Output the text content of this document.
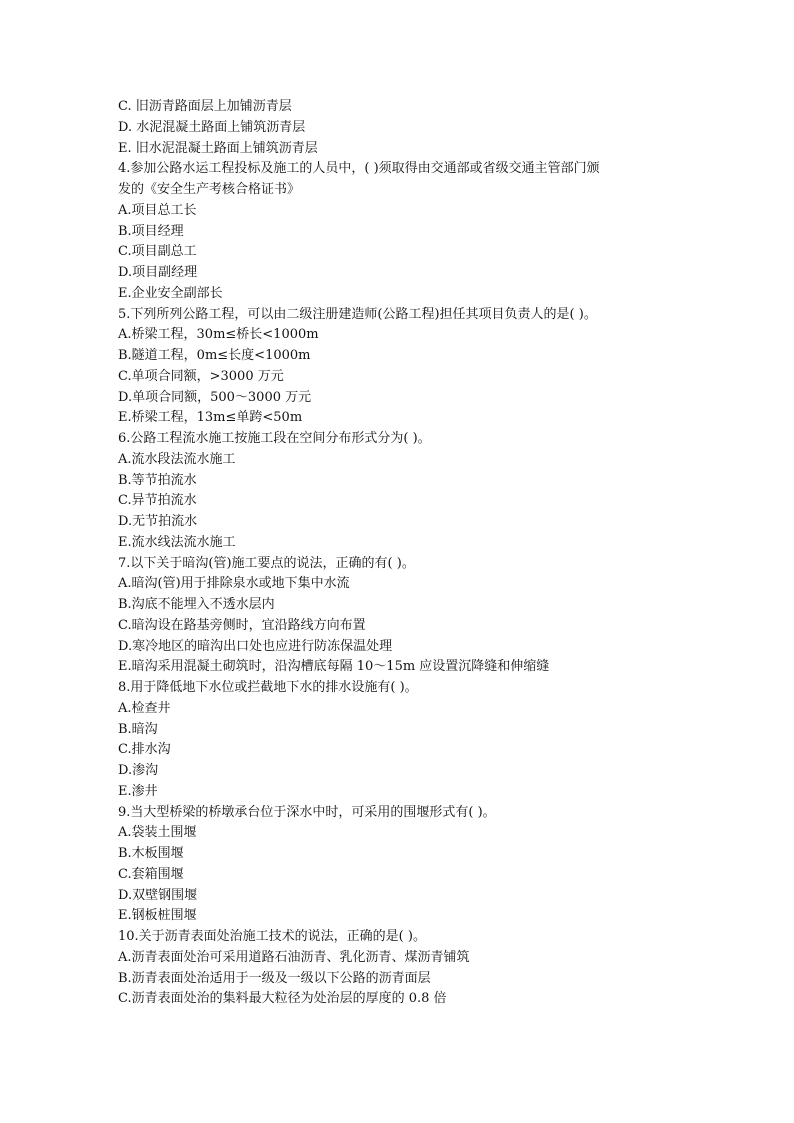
C. 旧沥青路面层上加铺沥青层
D. 水泥混凝土路面上铺筑沥青层
E. 旧水泥混凝土路面上铺筑沥青层
4.参加公路水运工程投标及施工的人员中，( )须取得由交通部或省级交通主管部门颁
发的《安全生产考核合格证书》
A.项目总工长
B.项目经理
C.项目副总工
D.项目副经理
E.企业安全副部长
5.下列所列公路工程，可以由二级注册建造师(公路工程)担任其项目负责人的是( )。
A.桥梁工程，30m≤桥长<1000m
B.隧道工程，0m≤长度<1000m
C.单项合同额，>3000 万元
D.单项合同额，500～3000 万元
E.桥梁工程，13m≤单跨<50m
6.公路工程流水施工按施工段在空间分布形式分为( )。
A.流水段法流水施工
B.等节拍流水
C.异节拍流水
D.无节拍流水
E.流水线法流水施工
7.以下关于暗沟(管)施工要点的说法，正确的有( )。
A.暗沟(管)用于排除泉水或地下集中水流
B.沟底不能埋入不透水层内
C.暗沟设在路基旁侧时，宜沿路线方向布置
D.寒冷地区的暗沟出口处也应进行防冻保温处理
E.暗沟采用混凝土砌筑时，沿沟槽底每隔 10～15m 应设置沉降缝和伸缩缝
8.用于降低地下水位或拦截地下水的排水设施有( )。
A.检查井
B.暗沟
C.排水沟
D.渗沟
E.渗井
9.当大型桥梁的桥墩承台位于深水中时，可采用的围堰形式有( )。
A.袋装土围堰
B.木板围堰
C.套箱围堰
D.双壁钢围堰
E.钢板桩围堰
10.关于沥青表面处治施工技术的说法，正确的是( )。
A.沥青表面处治可采用道路石油沥青、乳化沥青、煤沥青铺筑
B.沥青表面处治适用于一级及一级以下公路的沥青面层
C.沥青表面处治的集料最大粒径为处治层的厚度的 0.8 倍
